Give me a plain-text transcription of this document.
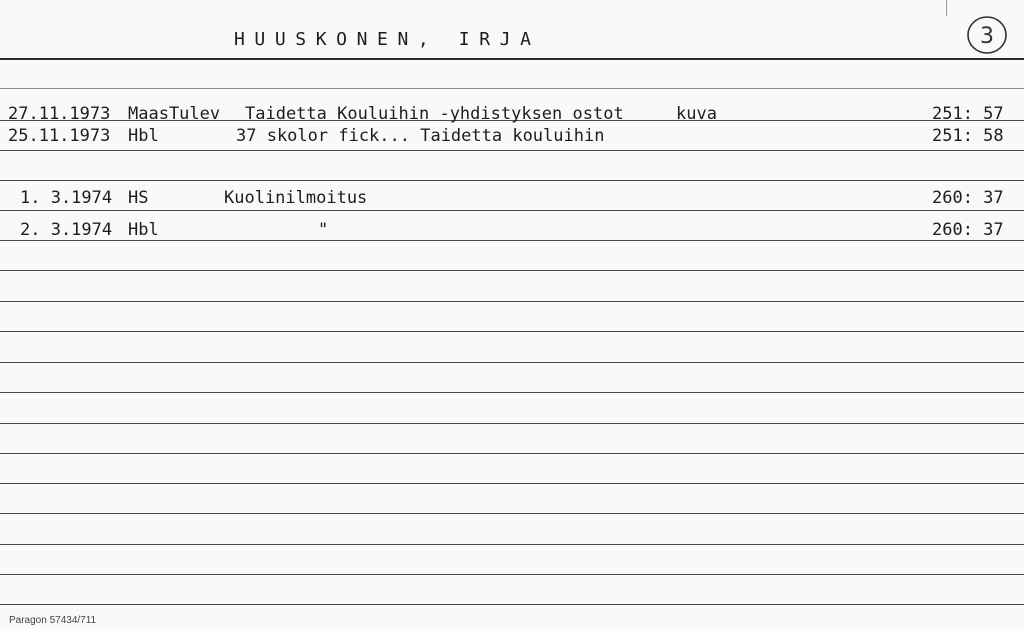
HUUSKONEN, IRJA	3
27.11.1973 MaasTulev Taidetta Kouluihin -yhdistyksen ostot	kuva	251: 57
25.11.1973 Hbl	37 skolor fick... Taidetta kouluihin	251: 58
1. 3.1974 HS	Kuolinilmoitus	260: 37
2. 3.1974 Hbl	"	260: 37
Paragon 57434/711
